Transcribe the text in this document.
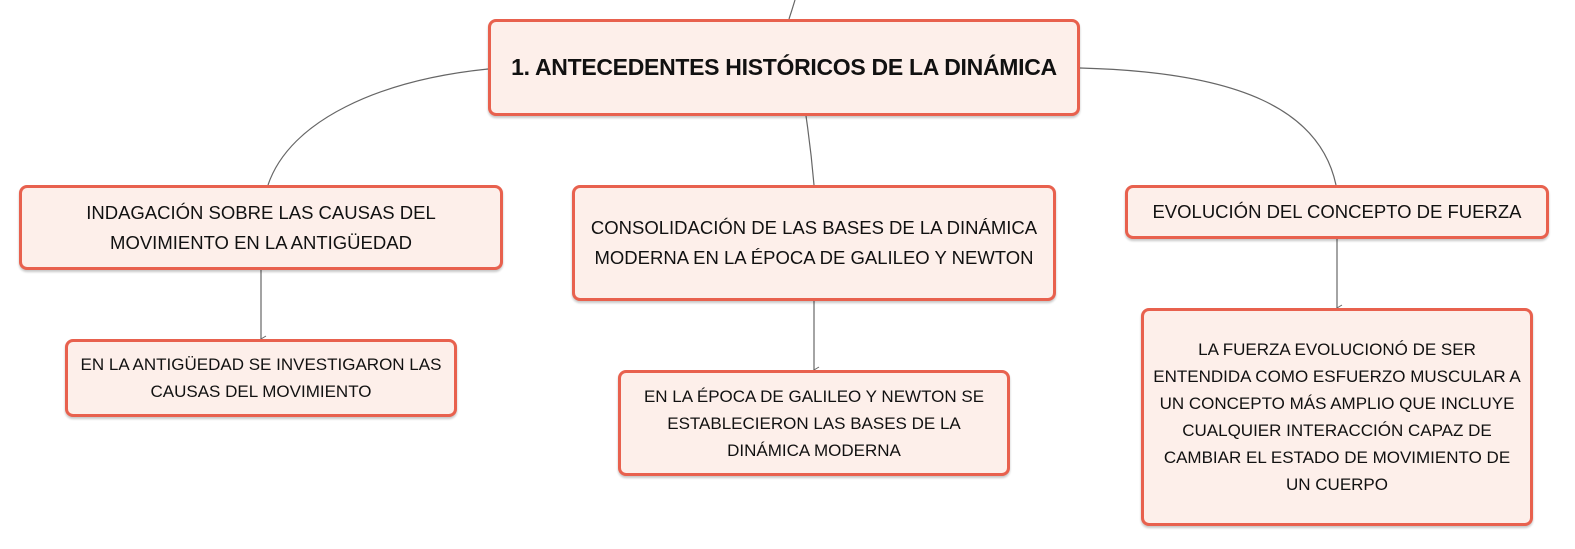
1. ANTECEDENTES HISTÓRICOS DE LA DINÁMICA
INDAGACIÓN SOBRE LAS CAUSAS DEL MOVIMIENTO EN LA ANTIGÜEDAD
CONSOLIDACIÓN DE LAS BASES DE LA DINÁMICA MODERNA EN LA ÉPOCA DE GALILEO Y NEWTON
EVOLUCIÓN DEL CONCEPTO DE FUERZA
EN LA ANTIGÜEDAD SE INVESTIGARON LAS CAUSAS DEL MOVIMIENTO	EN LA ÉPOCA DE GALILEO Y NEWTON SE ESTABLECIERON LAS BASES DE LA DINÁMICA MODERNA
LA FUERZA EVOLUCIONÓ DE SER ENTENDIDA COMO ESFUERZO MUSCULAR A UN CONCEPTO MÁS AMPLIO QUE INCLUYE CUALQUIER INTERACCIÓN CAPAZ DE CAMBIAR EL ESTADO DE MOVIMIENTO DE UN CUERPO
